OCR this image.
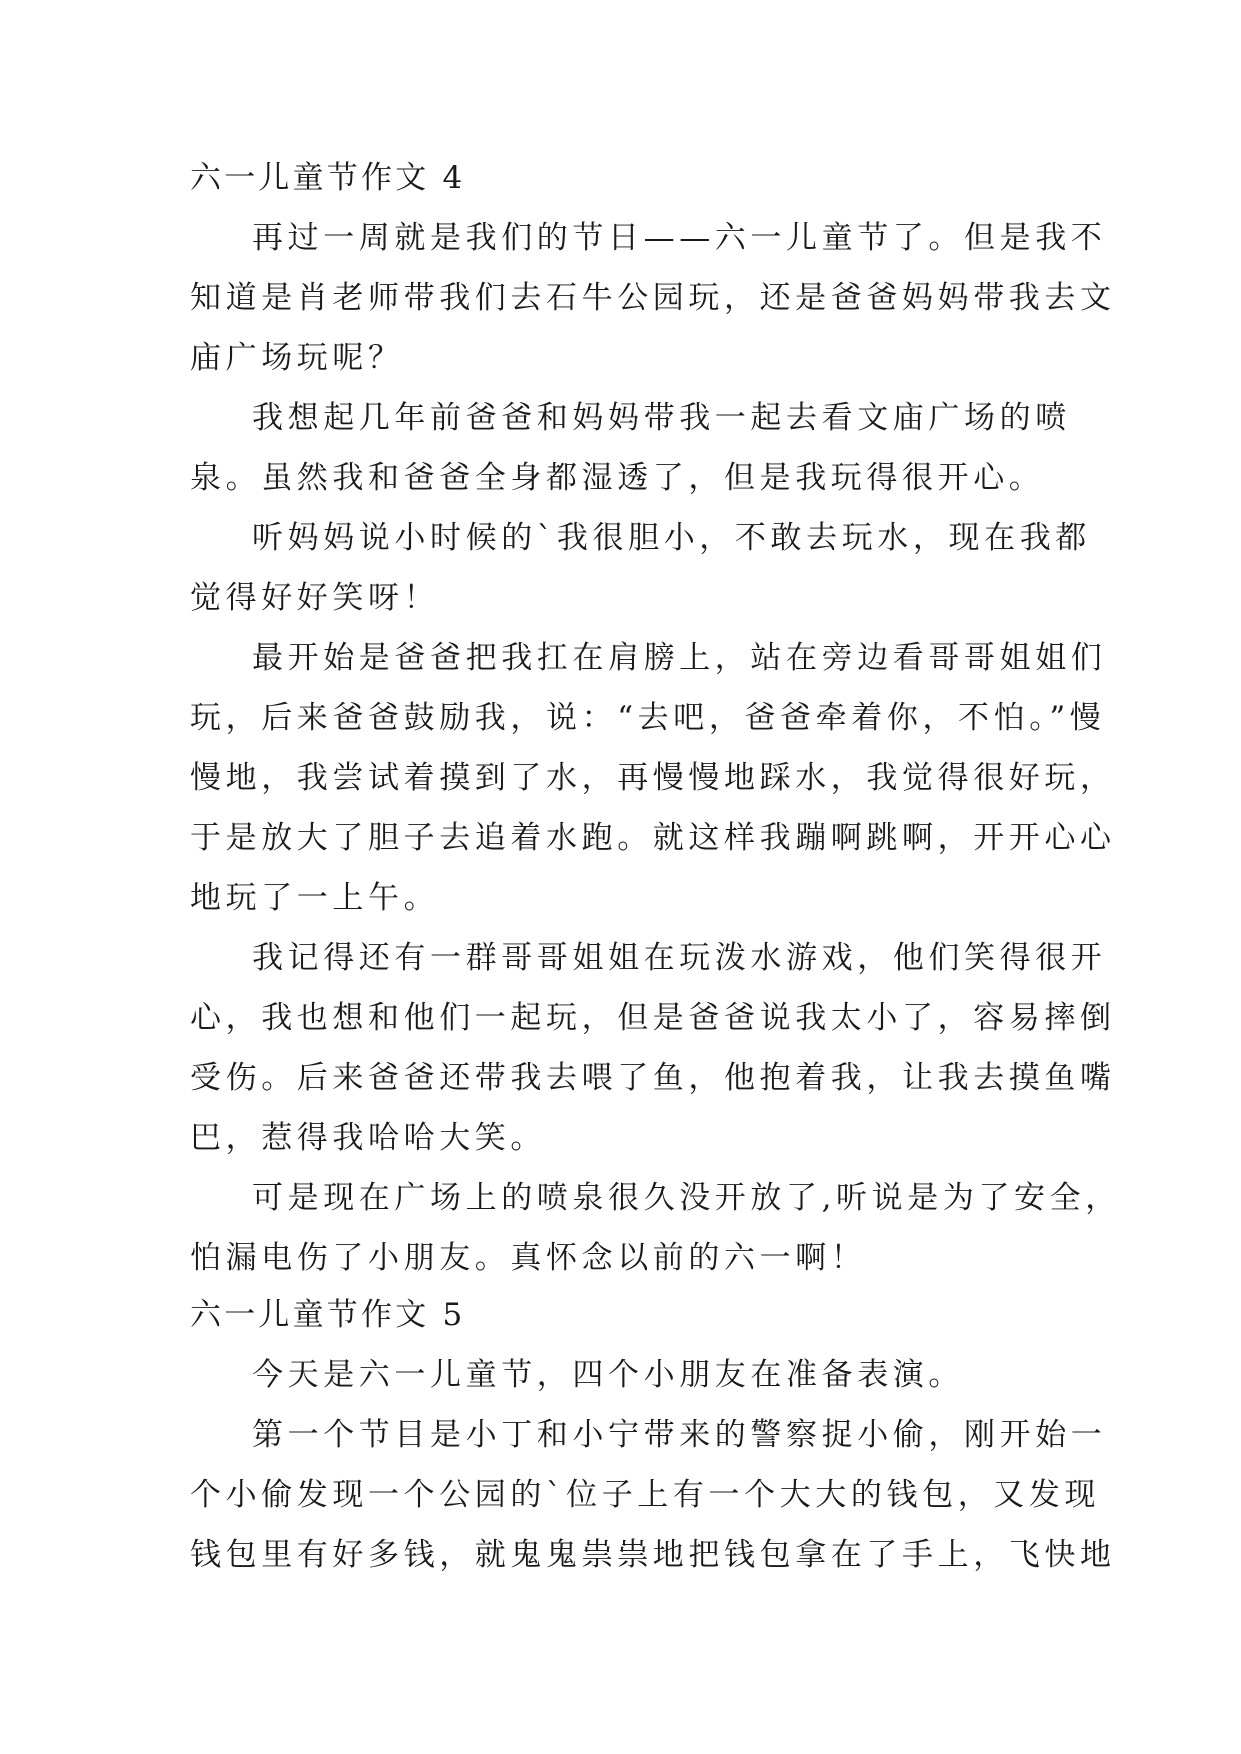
六一儿童节作文 4
再过一周就是我们的节日——六一儿童节了。但是我不
知道是肖老师带我们去石牛公园玩，还是爸爸妈妈带我去文
庙广场玩呢？
我想起几年前爸爸和妈妈带我一起去看文庙广场的喷
泉。虽然我和爸爸全身都湿透了，但是我玩得很开心。
听妈妈说小时候的`我很胆小，不敢去玩水，现在我都
觉得好好笑呀！
最开始是爸爸把我扛在肩膀上，站在旁边看哥哥姐姐们
玩，后来爸爸鼓励我，说：“去吧，爸爸牵着你，不怕。”慢
慢地，我尝试着摸到了水，再慢慢地踩水，我觉得很好玩，
于是放大了胆子去追着水跑。就这样我蹦啊跳啊，开开心心
地玩了一上午。
我记得还有一群哥哥姐姐在玩泼水游戏，他们笑得很开
心，我也想和他们一起玩，但是爸爸说我太小了，容易摔倒
受伤。后来爸爸还带我去喂了鱼，他抱着我，让我去摸鱼嘴
巴，惹得我哈哈大笑。
可是现在广场上的喷泉很久没开放了,听说是为了安全，
怕漏电伤了小朋友。真怀念以前的六一啊！
六一儿童节作文 5
今天是六一儿童节，四个小朋友在准备表演。
第一个节目是小丁和小宁带来的警察捉小偷，刚开始一
个小偷发现一个公园的`位子上有一个大大的钱包，又发现
钱包里有好多钱，就鬼鬼祟祟地把钱包拿在了手上，飞快地
